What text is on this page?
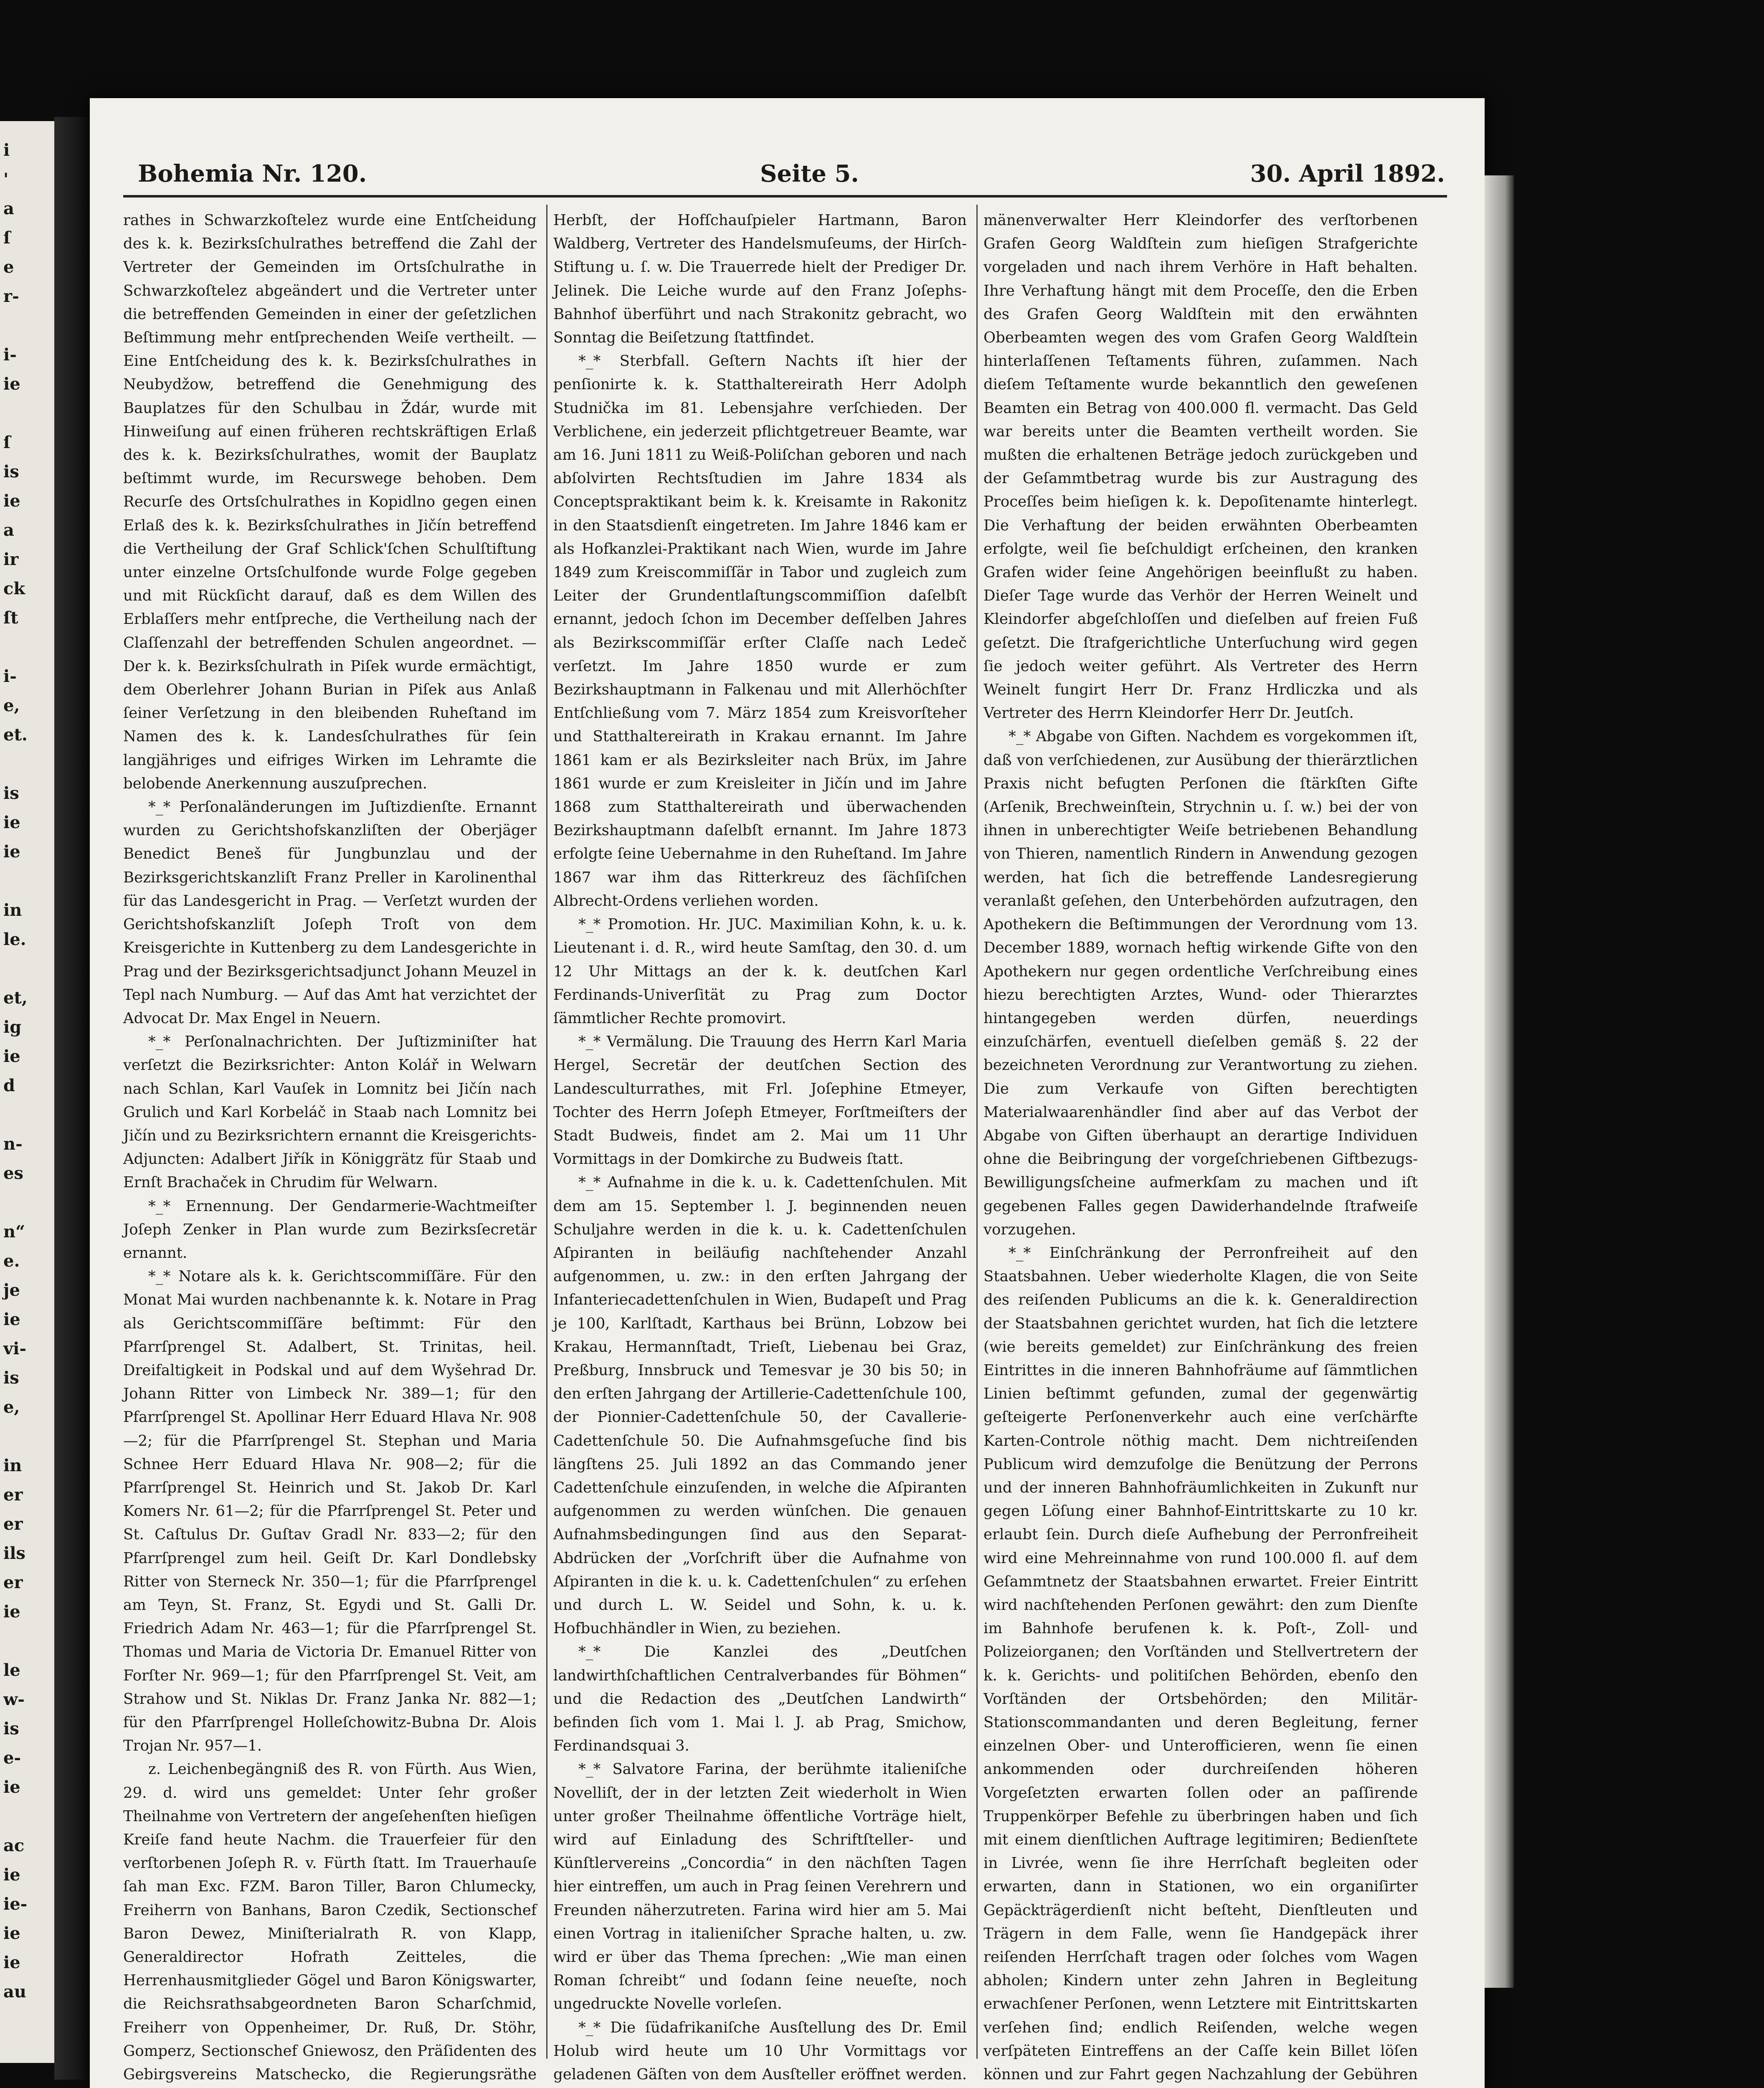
i
'
a
ſ
e
r-
i-
ie
ſ
is
ie
a
ir
ck
ſt
i-
e,
et.
is
ie
ie
in
le.
et,
ig
ie
d
n-
es
n“
e.
je
ie
vi-
is
e,
in
er
er
ils
er
ie
le
w-
is
e-
ie
ac
ie
ie-
ie
ie
au
Bohemia Nr. 120.	Seite 5.	30. April 1892.

rathes in Schwarzkoſtelez wurde eine Entſcheidung des k. k. Bezirksſchulrathes betreffend die Zahl der Vertreter der Gemeinden im Ortsſchulrathe in Schwarzkoſtelez abgeändert und die Vertreter unter die betreffenden Gemeinden in einer der geſetzlichen Beſtimmung mehr entſprechenden Weiſe vertheilt. — Eine Entſcheidung des k. k. Bezirksſchulrathes in Neubydžow, betreffend die Genehmigung des Bauplatzes für den Schulbau in Ždár, wurde mit Hinweiſung auf einen früheren rechtskräftigen Erlaß des k. k. Bezirksſchulrathes, womit der Bauplatz beſtimmt wurde, im Recurswege behoben. Dem Recurſe des Ortsſchulrathes in Kopidlno gegen einen Erlaß des k. k. Bezirksſchulrathes in Jičín betreffend die Vertheilung der Graf Schlick'ſchen Schulſtiftung unter einzelne Ortsſchulfonde wurde Folge gegeben und mit Rückſicht darauf, daß es dem Willen des Erblaſſers mehr entſpreche, die Vertheilung nach der Claſſenzahl der betreffenden Schulen angeordnet. — Der k. k. Bezirksſchulrath in Piſek wurde ermächtigt, dem Oberlehrer Johann Burian in Piſek aus Anlaß ſeiner Verſetzung in den bleibenden Ruheſtand im Namen des k. k. Landesſchulrathes für ſein langjähriges und eifriges Wirken im Lehramte die belobende Anerkennung auszuſprechen.

*_* Perſonaländerungen im Juſtizdienſte. Ernannt wurden zu Gerichtshofskanzliſten der Oberjäger Benedict Beneš für Jungbunzlau und der Bezirksgerichtskanzliſt Franz Preller in Karolinenthal für das Landesgericht in Prag. — Verſetzt wurden der Gerichtshofskanzliſt Joſeph Troſt von dem Kreisgerichte in Kuttenberg zu dem Landesgerichte in Prag und der Bezirksgerichtsadjunct Johann Meuzel in Tepl nach Numburg. — Auf das Amt hat verzichtet der Advocat Dr. Max Engel in Neuern.

*_* Perſonalnachrichten. Der Juſtizminiſter hat verſetzt die Bezirksrichter: Anton Kolář in Welwarn nach Schlan, Karl Vauſek in Lomnitz bei Jičín nach Grulich und Karl Korbeláč in Staab nach Lomnitz bei Jičín und zu Bezirksrichtern ernannt die Kreisgerichts-Adjuncten: Adalbert Jiřík in Königgrätz für Staab und Ernſt Brachaček in Chrudim für Welwarn.

*_* Ernennung. Der Gendarmerie-Wachtmeiſter Joſeph Zenker in Plan wurde zum Bezirksſecretär ernannt.

*_* Notare als k. k. Gerichtscommiſſäre. Für den Monat Mai wurden nachbenannte k. k. Notare in Prag als Gerichtscommiſſäre beſtimmt: Für den Pfarrſprengel St. Adalbert, St. Trinitas, heil. Dreifaltigkeit in Podskal und auf dem Wyšehrad Dr. Johann Ritter von Limbeck Nr. 389—1; für den Pfarrſprengel St. Apollinar Herr Eduard Hlava Nr. 908—2; für die Pfarrſprengel St. Stephan und Maria Schnee Herr Eduard Hlava Nr. 908—2; für die Pfarrſprengel St. Heinrich und St. Jakob Dr. Karl Komers Nr. 61—2; für die Pfarrſprengel St. Peter und St. Caſtulus Dr. Guſtav Gradl Nr. 833—2; für den Pfarrſprengel zum heil. Geiſt Dr. Karl Dondlebsky Ritter von Sterneck Nr. 350—1; für die Pfarrſprengel am Teyn, St. Franz, St. Egydi und St. Galli Dr. Friedrich Adam Nr. 463—1; für die Pfarrſprengel St. Thomas und Maria de Victoria Dr. Emanuel Ritter von Forſter Nr. 969—1; für den Pfarrſprengel St. Veit, am Strahow und St. Niklas Dr. Franz Janka Nr. 882—1; für den Pfarrſprengel Holleſchowitz-Bubna Dr. Alois Trojan Nr. 957—1.

z. Leichenbegängniß des R. von Fürth. Aus Wien, 29. d. wird uns gemeldet: Unter ſehr großer Theilnahme von Vertretern der angeſehenſten hieſigen Kreiſe fand heute Nachm. die Trauerfeier für den verſtorbenen Joſeph R. v. Fürth ſtatt. Im Trauerhauſe ſah man Exc. FZM. Baron Tiller, Baron Chlumecky, Freiherrn von Banhans, Baron Czedik, Sectionschef Baron Dewez, Miniſterialrath R. von Klapp, Generaldirector Hofrath Zeitteles, die Herrenhausmitglieder Gögel und Baron Königswarter, die Reichsrathsabgeordneten Baron Scharſchmid, Freiherr von Oppenheimer, Dr. Ruß, Dr. Stöhr, Gomperz, Sectionschef Gniewosz, den Präſidenten des Gebirgsvereins Matschecko, die Regierungsräthe

Herbſt, der Hofſchauſpieler Hartmann, Baron Waldberg, Vertreter des Handelsmuſeums, der Hirſch-Stiftung u. ſ. w. Die Trauerrede hielt der Prediger Dr. Jelinek. Die Leiche wurde auf den Franz Joſephs-Bahnhof überführt und nach Strakonitz gebracht, wo Sonntag die Beiſetzung ſtattfindet.

*_* Sterbfall. Geſtern Nachts iſt hier der penſionirte k. k. Statthaltereirath Herr Adolph Studnička im 81. Lebensjahre verſchieden. Der Verblichene, ein jederzeit pflichtgetreuer Beamte, war am 16. Juni 1811 zu Weiß-Poliſchan geboren und nach abſolvirten Rechtsſtudien im Jahre 1834 als Conceptspraktikant beim k. k. Kreisamte in Rakonitz in den Staatsdienſt eingetreten. Im Jahre 1846 kam er als Hofkanzlei-Praktikant nach Wien, wurde im Jahre 1849 zum Kreiscommiſſär in Tabor und zugleich zum Leiter der Grundentlaſtungscommiſſion daſelbſt ernannt, jedoch ſchon im December deſſelben Jahres als Bezirkscommiſſär erſter Claſſe nach Ledeč verſetzt. Im Jahre 1850 wurde er zum Bezirkshauptmann in Falkenau und mit Allerhöchſter Entſchließung vom 7. März 1854 zum Kreisvorſteher und Statthaltereirath in Krakau ernannt. Im Jahre 1861 kam er als Bezirksleiter nach Brüx, im Jahre 1861 wurde er zum Kreisleiter in Jičín und im Jahre 1868 zum Statthaltereirath und überwachenden Bezirkshauptmann daſelbſt ernannt. Im Jahre 1873 erfolgte ſeine Uebernahme in den Ruheſtand. Im Jahre 1867 war ihm das Ritterkreuz des ſächſiſchen Albrecht-Ordens verliehen worden.

*_* Promotion. Hr. JUC. Maximilian Kohn, k. u. k. Lieutenant i. d. R., wird heute Samſtag, den 30. d. um 12 Uhr Mittags an der k. k. deutſchen Karl Ferdinands-Univerſität zu Prag zum Doctor ſämmtlicher Rechte promovirt.

*_* Vermälung. Die Trauung des Herrn Karl Maria Hergel, Secretär der deutſchen Section des Landesculturrathes, mit Frl. Joſephine Etmeyer, Tochter des Herrn Joſeph Etmeyer, Forſtmeiſters der Stadt Budweis, findet am 2. Mai um 11 Uhr Vormittags in der Domkirche zu Budweis ſtatt.

*_* Aufnahme in die k. u. k. Cadettenſchulen. Mit dem am 15. September l. J. beginnenden neuen Schuljahre werden in die k. u. k. Cadettenſchulen Aſpiranten in beiläufig nachſtehender Anzahl aufgenommen, u. zw.: in den erſten Jahrgang der Infanteriecadettenſchulen in Wien, Budapeſt und Prag je 100, Karlſtadt, Karthaus bei Brünn, Lobzow bei Krakau, Hermannſtadt, Trieſt, Liebenau bei Graz, Preßburg, Innsbruck und Temesvar je 30 bis 50; in den erſten Jahrgang der Artillerie-Cadettenſchule 100, der Pionnier-Cadettenſchule 50, der Cavallerie-Cadettenſchule 50. Die Aufnahmsgeſuche ſind bis längſtens 25. Juli 1892 an das Commando jener Cadettenſchule einzuſenden, in welche die Aſpiranten aufgenommen zu werden wünſchen. Die genauen Aufnahmsbedingungen ſind aus den Separat-Abdrücken der „Vorſchrift über die Aufnahme von Aſpiranten in die k. u. k. Cadettenſchulen“ zu erſehen und durch L. W. Seidel und Sohn, k. u. k. Hofbuchhändler in Wien, zu beziehen.

*_* Die Kanzlei des „Deutſchen landwirthſchaftlichen Centralverbandes für Böhmen“ und die Redaction des „Deutſchen Landwirth“ befinden ſich vom 1. Mai l. J. ab Prag, Smichow, Ferdinandsquai 3.

*_* Salvatore Farina, der berühmte italieniſche Novelliſt, der in der letzten Zeit wiederholt in Wien unter großer Theilnahme öffentliche Vorträge hielt, wird auf Einladung des Schriftſteller- und Künſtlervereins „Concordia“ in den nächſten Tagen hier eintreffen, um auch in Prag ſeinen Verehrern und Freunden näherzutreten. Farina wird hier am 5. Mai einen Vortrag in italieniſcher Sprache halten, u. zw. wird er über das Thema ſprechen: „Wie man einen Roman ſchreibt“ und ſodann ſeine neueſte, noch ungedruckte Novelle vorleſen.

*_* Die ſüdafrikaniſche Ausſtellung des Dr. Emil Holub wird heute um 10 Uhr Vormittags vor geladenen Gäſten von dem Ausſteller eröffnet werden.

mänenverwalter Herr Kleindorfer des verſtorbenen Grafen Georg Waldſtein zum hieſigen Strafgerichte vorgeladen und nach ihrem Verhöre in Haft behalten. Ihre Verhaftung hängt mit dem Proceſſe, den die Erben des Grafen Georg Waldſtein mit den erwähnten Oberbeamten wegen des vom Grafen Georg Waldſtein hinterlaſſenen Teſtaments führen, zuſammen. Nach dieſem Teſtamente wurde bekanntlich den geweſenen Beamten ein Betrag von 400.000 fl. vermacht. Das Geld war bereits unter die Beamten vertheilt worden. Sie mußten die erhaltenen Beträge jedoch zurückgeben und der Geſammtbetrag wurde bis zur Austragung des Proceſſes beim hieſigen k. k. Depoſitenamte hinterlegt. Die Verhaftung der beiden erwähnten Oberbeamten erfolgte, weil ſie beſchuldigt erſcheinen, den kranken Grafen wider ſeine Angehörigen beeinflußt zu haben. Dieſer Tage wurde das Verhör der Herren Weinelt und Kleindorfer abgeſchloſſen und dieſelben auf freien Fuß geſetzt. Die ſtrafgerichtliche Unterſuchung wird gegen ſie jedoch weiter geführt. Als Vertreter des Herrn Weinelt fungirt Herr Dr. Franz Hrdliczka und als Vertreter des Herrn Kleindorfer Herr Dr. Jeutſch.

*_* Abgabe von Giften. Nachdem es vorgekommen iſt, daß von verſchiedenen, zur Ausübung der thierärztlichen Praxis nicht befugten Perſonen die ſtärkſten Gifte (Arſenik, Brechweinſtein, Strychnin u. ſ. w.) bei der von ihnen in unberechtigter Weiſe betriebenen Behandlung von Thieren, namentlich Rindern in Anwendung gezogen werden, hat ſich die betreffende Landesregierung veranlaßt geſehen, den Unterbehörden aufzutragen, den Apothekern die Beſtimmungen der Verordnung vom 13. December 1889, wornach heftig wirkende Gifte von den Apothekern nur gegen ordentliche Verſchreibung eines hiezu berechtigten Arztes, Wund- oder Thierarztes hintangegeben werden dürfen, neuerdings einzuſchärfen, eventuell dieſelben gemäß §. 22 der bezeichneten Verordnung zur Verantwortung zu ziehen. Die zum Verkaufe von Giften berechtigten Materialwaarenhändler ſind aber auf das Verbot der Abgabe von Giften überhaupt an derartige Individuen ohne die Beibringung der vorgeſchriebenen Giftbezugs-Bewilligungsſcheine aufmerkſam zu machen und iſt gegebenen Falles gegen Dawiderhandelnde ſtrafweiſe vorzugehen.

*_* Einſchränkung der Perronfreiheit auf den Staatsbahnen. Ueber wiederholte Klagen, die von Seite des reiſenden Publicums an die k. k. Generaldirection der Staatsbahnen gerichtet wurden, hat ſich die letztere (wie bereits gemeldet) zur Einſchränkung des freien Eintrittes in die inneren Bahnhofräume auf ſämmtlichen Linien beſtimmt gefunden, zumal der gegenwärtig geſteigerte Perſonenverkehr auch eine verſchärfte Karten-Controle nöthig macht. Dem nichtreiſenden Publicum wird demzufolge die Benützung der Perrons und der inneren Bahnhofräumlichkeiten in Zukunft nur gegen Löſung einer Bahnhof-Eintrittskarte zu 10 kr. erlaubt ſein. Durch dieſe Aufhebung der Perronfreiheit wird eine Mehreinnahme von rund 100.000 fl. auf dem Geſammtnetz der Staatsbahnen erwartet. Freier Eintritt wird nachſtehenden Perſonen gewährt: den zum Dienſte im Bahnhofe berufenen k. k. Poſt-, Zoll- und Polizeiorganen; den Vorſtänden und Stellvertretern der k. k. Gerichts- und politiſchen Behörden, ebenſo den Vorſtänden der Ortsbehörden; den Militär-Stationscommandanten und deren Begleitung, ferner einzelnen Ober- und Unterofficieren, wenn ſie einen ankommenden oder durchreiſenden höheren Vorgeſetzten erwarten ſollen oder an paſſirende Truppenkörper Befehle zu überbringen haben und ſich mit einem dienſtlichen Auftrage legitimiren; Bedienſtete in Livrée, wenn ſie ihre Herrſchaft begleiten oder erwarten, dann in Stationen, wo ein organiſirter Gepäckträgerdienſt nicht beſteht, Dienſtleuten und Trägern in dem Falle, wenn ſie Handgepäck ihrer reiſenden Herrſchaft tragen oder ſolches vom Wagen abholen; Kindern unter zehn Jahren in Begleitung erwachſener Perſonen, wenn Letztere mit Eintrittskarten verſehen ſind; endlich Reiſenden, welche wegen verſpäteten Eintreffens an der Caſſe kein Billet löſen können und zur Fahrt gegen Nachzahlung der Gebühren
